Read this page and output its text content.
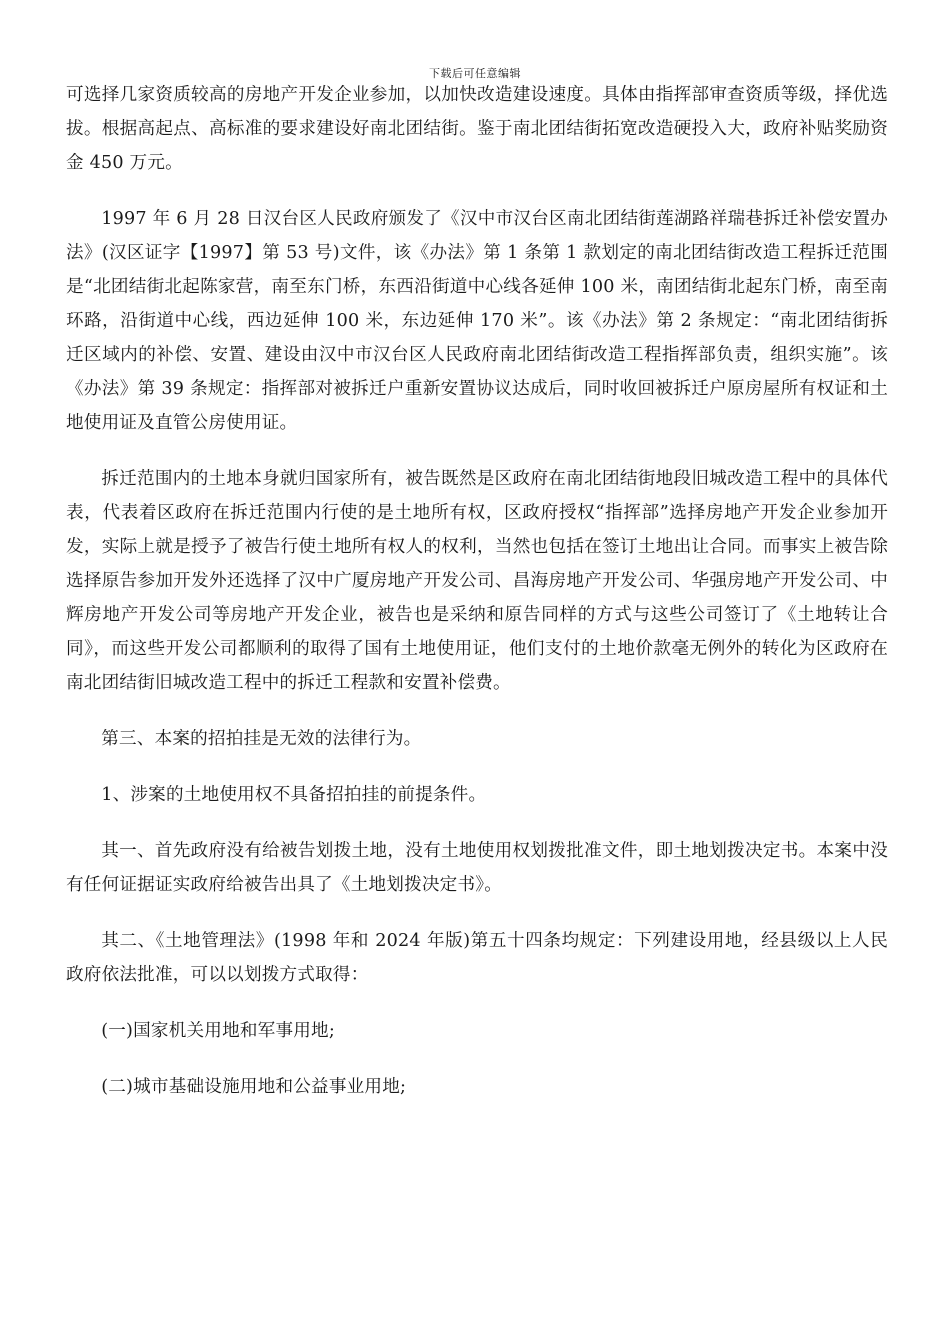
下载后可任意编辑

可选择几家资质较高的房地产开发企业参加，以加快改造建设速度。具体由指挥部审查资质等级，择优选拔。根据高起点、高标准的要求建设好南北团结街。鉴于南北团结街拓宽改造硬投入大，政府补贴奖励资金 450 万元。

1997 年 6 月 28 日汉台区人民政府颁发了《汉中市汉台区南北团结街莲湖路祥瑞巷拆迁补偿安置办法》(汉区证字【1997】第 53 号)文件，该《办法》第 1 条第 1 款划定的南北团结街改造工程拆迁范围是“北团结街北起陈家营，南至东门桥，东西沿街道中心线各延伸 100 米，南团结街北起东门桥，南至南环路，沿街道中心线，西边延伸 100 米，东边延伸 170 米”。该《办法》第 2 条规定：“南北团结街拆迁区域内的补偿、安置、建设由汉中市汉台区人民政府南北团结街改造工程指挥部负责，组织实施”。该《办法》第 39 条规定：指挥部对被拆迁户重新安置协议达成后，同时收回被拆迁户原房屋所有权证和土地使用证及直管公房使用证。

拆迁范围内的土地本身就归国家所有，被告既然是区政府在南北团结街地段旧城改造工程中的具体代表，代表着区政府在拆迁范围内行使的是土地所有权，区政府授权“指挥部”选择房地产开发企业参加开发，实际上就是授予了被告行使土地所有权人的权利，当然也包括在签订土地出让合同。而事实上被告除选择原告参加开发外还选择了汉中广厦房地产开发公司、昌海房地产开发公司、华强房地产开发公司、中辉房地产开发公司等房地产开发企业，被告也是采纳和原告同样的方式与这些公司签订了《土地转让合同》，而这些开发公司都顺利的取得了国有土地使用证，他们支付的土地价款毫无例外的转化为区政府在南北团结街旧城改造工程中的拆迁工程款和安置补偿费。

第三、本案的招拍挂是无效的法律行为。

1、涉案的土地使用权不具备招拍挂的前提条件。

其一、首先政府没有给被告划拨土地，没有土地使用权划拨批准文件，即土地划拨决定书。本案中没有任何证据证实政府给被告出具了《土地划拨决定书》。

其二、《土地管理法》(1998 年和 2024 年版)第五十四条均规定：下列建设用地，经县级以上人民政府依法批准，可以以划拨方式取得：

(一)国家机关用地和军事用地;

(二)城市基础设施用地和公益事业用地;
